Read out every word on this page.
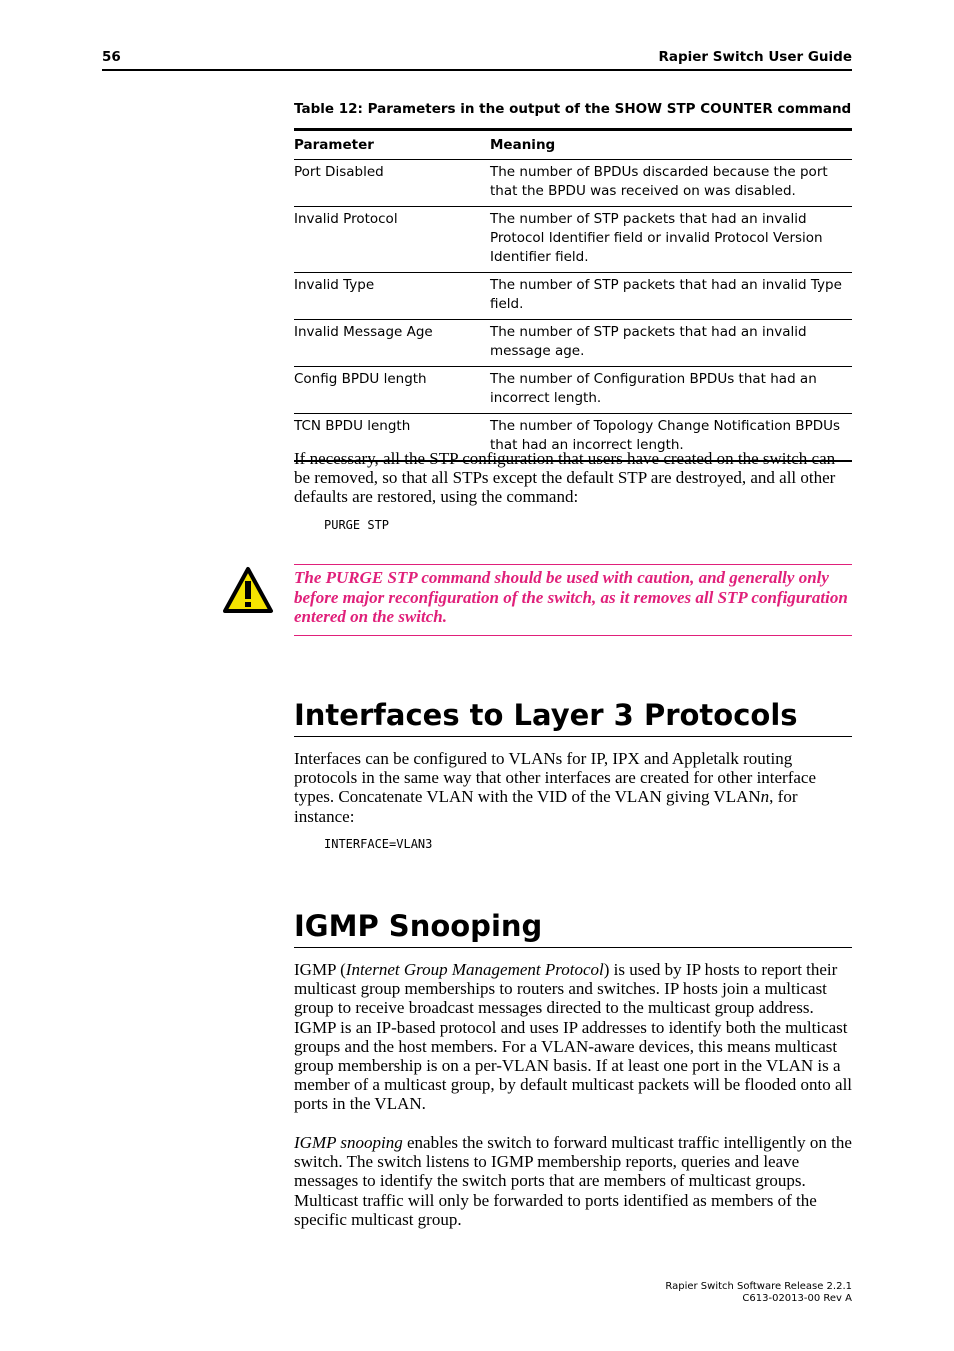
56	Rapier Switch User Guide
Table 12: Parameters in the output of the SHOW STP COUNTER command
Parameter	Meaning
Port Disabled	The number of BPDUs discarded because the port that the BPDU was received on was disabled.
Invalid Protocol	The number of STP packets that had an invalid Protocol Identifier field or invalid Protocol Version Identifier field.
Invalid Type	The number of STP packets that had an invalid Type field.
Invalid Message Age	The number of STP packets that had an invalid message age.
Config BPDU length	The number of Configuration BPDUs that had an incorrect length.
TCN BPDU length	The number of Topology Change Notification BPDUs that had an incorrect length.

If necessary, all the STP configuration that users have created on the switch can be removed, so that all STPs except the default STP are destroyed, and all other defaults are restored, using the command:

PURGE STP

The PURGE STP command should be used with caution, and generally only before major reconfiguration of the switch, as it removes all STP configuration entered on the switch.

Interfaces to Layer 3 Protocols

Interfaces can be configured to VLANs for IP, IPX and Appletalk routing protocols in the same way that other interfaces are created for other interface types. Concatenate VLAN with the VID of the VLAN giving VLANn, for instance:

INTERFACE=VLAN3

IGMP Snooping

IGMP (Internet Group Management Protocol) is used by IP hosts to report their multicast group memberships to routers and switches. IP hosts join a multicast group to receive broadcast messages directed to the multicast group address. IGMP is an IP-based protocol and uses IP addresses to identify both the multicast groups and the host members. For a VLAN-aware devices, this means multicast group membership is on a per-VLAN basis. If at least one port in the VLAN is a member of a multicast group, by default multicast packets will be flooded onto all ports in the VLAN.

IGMP snooping enables the switch to forward multicast traffic intelligently on the switch. The switch listens to IGMP membership reports, queries and leave messages to identify the switch ports that are members of multicast groups. Multicast traffic will only be forwarded to ports identified as members of the specific multicast group.

Rapier Switch Software Release 2.2.1
C613-02013-00 Rev A
